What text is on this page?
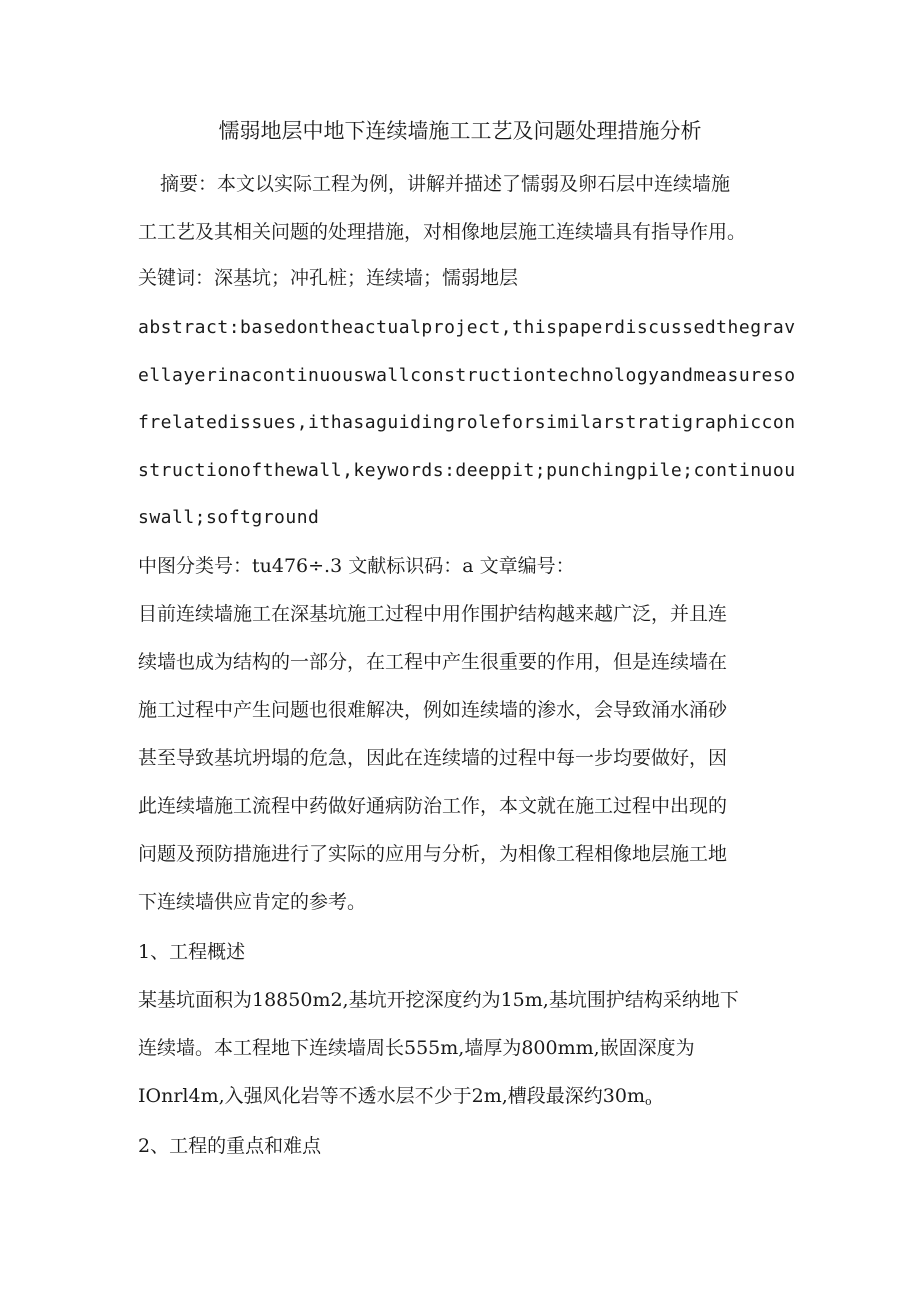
懦弱地层中地下连续墙施工工艺及问题处理措施分析

摘要：本文以实际工程为例，讲解并描述了懦弱及卵石层中连续墙施

工工艺及其相关问题的处理措施，对相像地层施工连续墙具有指导作用。

关键词：深基坑；冲孔桩；连续墙；懦弱地层

abstract:basedontheactualproject,thispaperdiscussedthegrav

ellayerinacontinuouswallconstructiontechnologyandmeasureso

frelatedissues,ithasaguidingroleforsimilarstratigraphiccon

structionofthewall,keywords:deeppit;punchingpile;continuou

swall;softground

中图分类号：tu476÷.3 文献标识码：a 文章编号：

目前连续墙施工在深基坑施工过程中用作围护结构越来越广泛，并且连

续墙也成为结构的一部分，在工程中产生很重要的作用，但是连续墙在

施工过程中产生问题也很难解决，例如连续墙的渗水，会导致涌水涌砂

甚至导致基坑坍塌的危急，因此在连续墙的过程中每一步均要做好，因

此连续墙施工流程中药做好通病防治工作，本文就在施工过程中出现的

问题及预防措施进行了实际的应用与分析，为相像工程相像地层施工地

下连续墙供应肯定的参考。

1、工程概述

某基坑面积为18850m2,基坑开挖深度约为15m,基坑围护结构采纳地下

连续墙。本工程地下连续墙周长555m,墙厚为800mm,嵌固深度为

IOnrl4m,入强风化岩等不透水层不少于2m,槽段最深约$30m_o$

2、工程的重点和难点
